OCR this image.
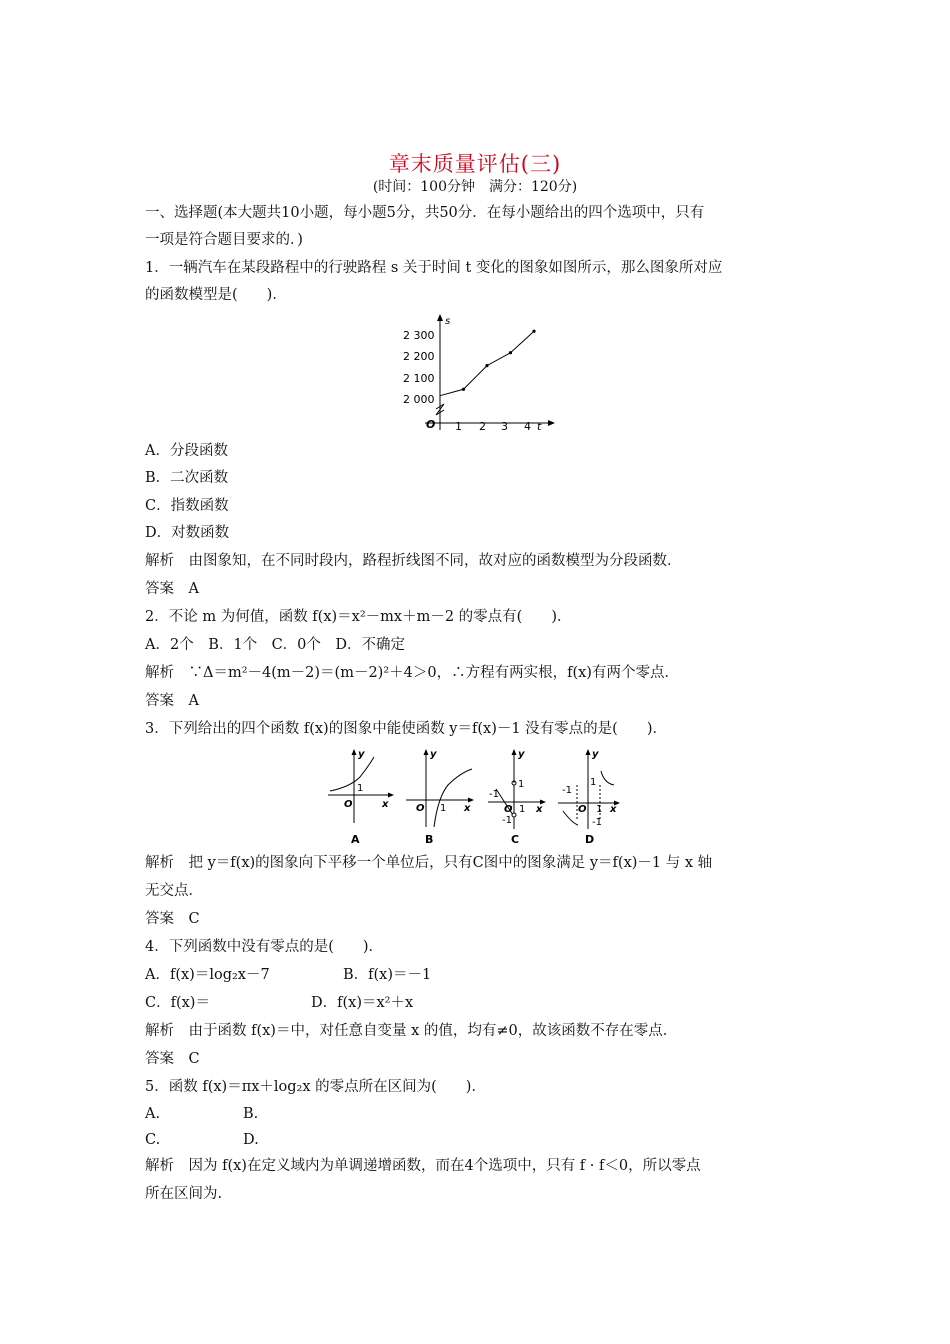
章末质量评估(三)
(时间：100分钟　满分：120分)
一、选择题(本大题共10小题，每小题5分，共50分．在每小题给出的四个选项中，只有
一项是符合题目要求的．)
1．一辆汽车在某段路程中的行驶路程 s 关于时间 t 变化的图象如图所示，那么图象所对应
的函数模型是(　　)．
s
t
O
2 300
2 200
2 100
2 000
1 2 3 4
A．分段函数
B．二次函数
C．指数函数
D．对数函数
解析　由图象知，在不同时段内，路程折线图不同，故对应的函数模型为分段函数．
答案　A
2．不论 m 为何值，函数 f(x)＝x²－mx＋m－2 的零点有(　　)．
A．2个　B．1个　C．0个　D．不确定
解析　∵Δ＝m²－4(m－2)＝(m－2)²＋4＞0，∴方程有两实根，f(x)有两个零点．
答案　A
3．下列给出的四个函数 f(x)的图象中能使函数 y＝f(x)－1 没有零点的是(　　)．
y
x
O
1
A
y
x
O 1
B
y
x
O
1
-1
1
-1
C
y
x
O
1
-1
1
-1
D
解析　把 y＝f(x)的图象向下平移一个单位后，只有C图中的图象满足 y＝f(x)－1 与 x 轴
无交点．
答案　C
4．下列函数中没有零点的是(　　)．
A．f(x)＝log₂x－7	B．f(x)＝－1
C．f(x)＝	D．f(x)＝x²＋x
解析　由于函数 f(x)＝中，对任意自变量 x 的值，均有≠0，故该函数不存在零点．
答案　C
5．函数 f(x)＝πx＋log₂x 的零点所在区间为(　　)．
A.	B.
C.	D.
解析　因为 f(x)在定义域内为单调递增函数，而在4个选项中，只有 f · f＜0，所以零点
所在区间为.
